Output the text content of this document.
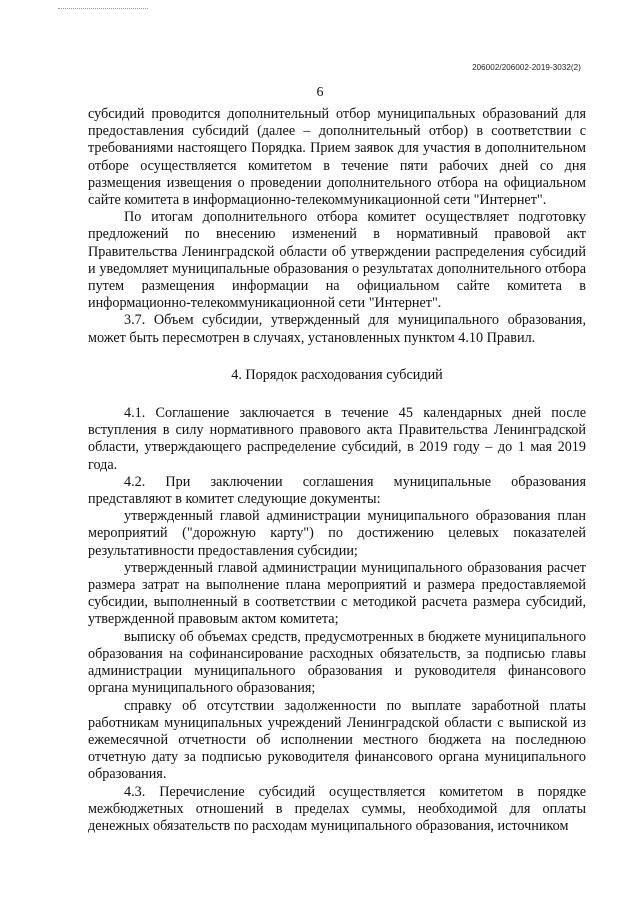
206002/206002-2019-3032(2)
6

субсидий проводится дополнительный отбор муниципальных образований для предоставления субсидий (далее – дополнительный отбор) в соответствии с требованиями настоящего Порядка. Прием заявок для участия в дополнительном отборе осуществляется комитетом в течение пяти рабочих дней со дня размещения извещения о проведении дополнительного отбора на официальном сайте комитета в информационно-телекоммуникационной сети "Интернет".

По итогам дополнительного отбора комитет осуществляет подготовку предложений по внесению изменений в нормативный правовой акт Правительства Ленинградской области об утверждении распределения субсидий и уведомляет муниципальные образования о результатах дополнительного отбора путем размещения информации на официальном сайте комитета в информационно-телекоммуникационной сети "Интернет".

3.7. Объем субсидии, утвержденный для муниципального образования, может быть пересмотрен в случаях, установленных пунктом 4.10 Правил.

4. Порядок расходования субсидий

4.1. Соглашение заключается в течение 45 календарных дней после вступления в силу нормативного правового акта Правительства Ленинградской области, утверждающего распределение субсидий, в 2019 году – до 1 мая 2019 года.

4.2. При заключении соглашения муниципальные образования представляют в комитет следующие документы:

утвержденный главой администрации муниципального образования план мероприятий ("дорожную карту") по достижению целевых показателей результативности предоставления субсидии;

утвержденный главой администрации муниципального образования расчет размера затрат на выполнение плана мероприятий и размера предоставляемой субсидии, выполненный в соответствии с методикой расчета размера субсидий, утвержденной правовым актом комитета;

выписку об объемах средств, предусмотренных в бюджете муниципального образования на софинансирование расходных обязательств, за подписью главы администрации муниципального образования и руководителя финансового органа муниципального образования;

справку об отсутствии задолженности по выплате заработной платы работникам муниципальных учреждений Ленинградской области с выпиской из ежемесячной отчетности об исполнении местного бюджета на последнюю отчетную дату за подписью руководителя финансового органа муниципального образования.

4.3. Перечисление субсидий осуществляется комитетом в порядке межбюджетных отношений в пределах суммы, необходимой для оплаты денежных обязательств по расходам муниципального образования, источником
